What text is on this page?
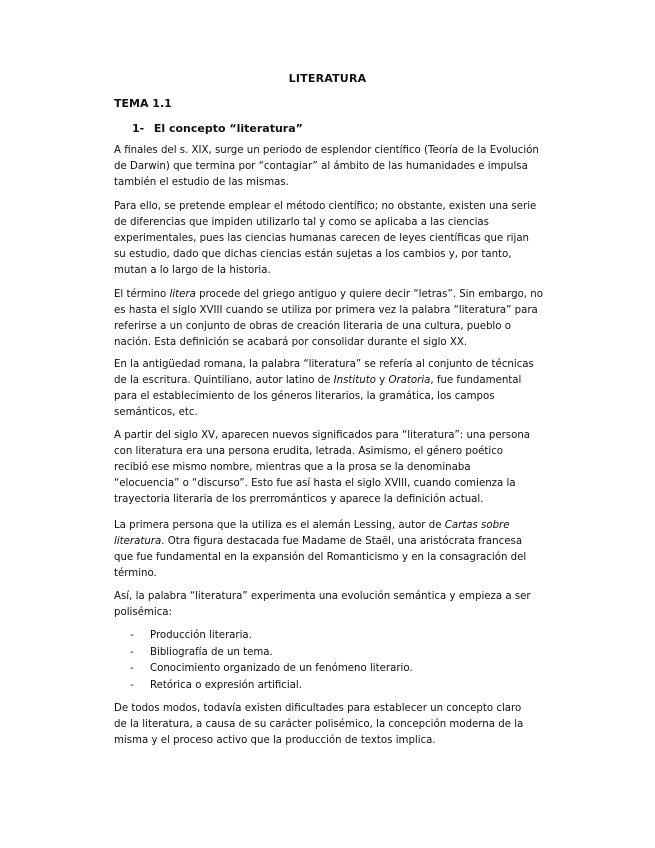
LITERATURA
TEMA 1.1
1- El concepto “literatura”

A finales del s. XIX, surge un periodo de esplendor científico (Teoría de la Evolución
de Darwin) que termina por “contagiar” al ámbito de las humanidades e impulsa
también el estudio de las mismas.

Para ello, se pretende emplear el método científico; no obstante, existen una serie
de diferencias que impiden utilizarlo tal y como se aplicaba a las ciencias
experimentales, pues las ciencias humanas carecen de leyes científicas que rijan
su estudio, dado que dichas ciencias están sujetas a los cambios y, por tanto,
mutan a lo largo de la historia.

El término litera procede del griego antiguo y quiere decir “letras”. Sin embargo, no
es hasta el siglo XVIII cuando se utiliza por primera vez la palabra “literatura” para
referirse a un conjunto de obras de creación literaria de una cultura, pueblo o
nación. Esta definición se acabará por consolidar durante el siglo XX.

En la antigüedad romana, la palabra “literatura” se refería al conjunto de técnicas
de la escritura. Quintiliano, autor latino de Instituto y Oratoria, fue fundamental
para el establecimiento de los géneros literarios, la gramática, los campos
semánticos, etc.

A partir del siglo XV, aparecen nuevos significados para “literatura”: una persona
con literatura era una persona erudita, letrada. Asimismo, el género poético
recibió ese mismo nombre, mientras que a la prosa se la denominaba
“elocuencia” o “discurso”. Esto fue así hasta el siglo XVIII, cuando comienza la
trayectoria literaria de los prerrománticos y aparece la definición actual.

La primera persona que la utiliza es el alemán Lessing, autor de Cartas sobre
literatura. Otra figura destacada fue Madame de Staël, una aristócrata francesa
que fue fundamental en la expansión del Romanticismo y en la consagración del
término.

Así, la palabra “literatura” experimenta una evolución semántica y empieza a ser
polisémica:

- Producción literaria.
- Bibliografía de un tema.
- Conocimiento organizado de un fenómeno literario.
- Retórica o expresión artificial.

De todos modos, todavía existen dificultades para establecer un concepto claro
de la literatura, a causa de su carácter polisémico, la concepción moderna de la
misma y el proceso activo que la producción de textos implica.
